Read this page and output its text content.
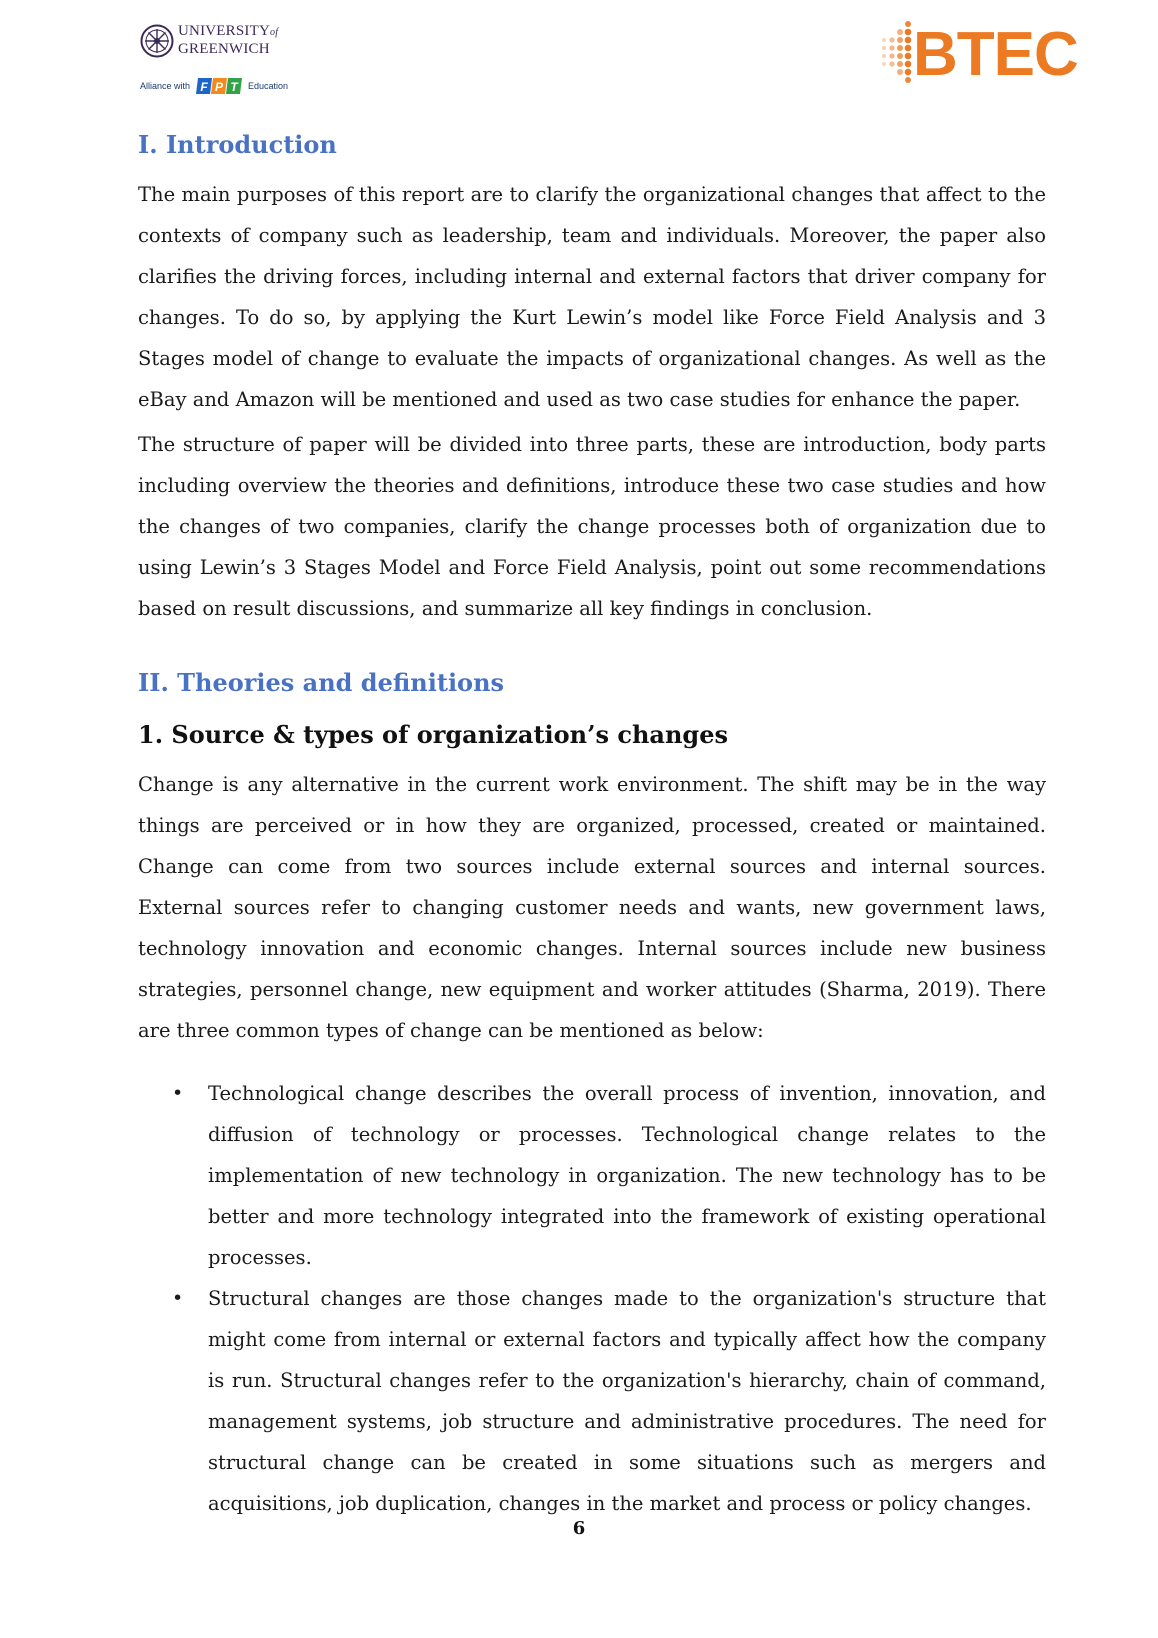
UNIVERSITYof
GREENWICH
Alliance with F P T Education	BTEC
I. Introduction

The main purposes of this report are to clarify the organizational changes that affect to the contexts of company such as leadership, team and individuals. Moreover, the paper also clarifies the driving forces, including internal and external factors that driver company for changes. To do so, by applying the Kurt Lewin’s model like Force Field Analysis and 3 Stages model of change to evaluate the impacts of organizational changes. As well as the eBay and Amazon will be mentioned and used as two case studies for enhance the paper.

The structure of paper will be divided into three parts, these are introduction, body parts including overview the theories and definitions, introduce these two case studies and how the changes of two companies, clarify the change processes both of organization due to using Lewin’s 3 Stages Model and Force Field Analysis, point out some recommendations based on result discussions, and summarize all key findings in conclusion.

II. Theories and definitions
1. Source & types of organization’s changes

Change is any alternative in the current work environment. The shift may be in the way things are perceived or in how they are organized, processed, created or maintained. Change can come from two sources include external sources and internal sources. External sources refer to changing customer needs and wants, new government laws, technology innovation and economic changes. Internal sources include new business strategies, personnel change, new equipment and worker attitudes (Sharma, 2019). There are three common types of change can be mentioned as below:

• Technological change describes the overall process of invention, innovation, and diffusion of technology or processes. Technological change relates to the implementation of new technology in organization. The new technology has to be better and more technology integrated into the framework of existing operational processes.
• Structural changes are those changes made to the organization's structure that might come from internal or external factors and typically affect how the company is run. Structural changes refer to the organization's hierarchy, chain of command, management systems, job structure and administrative procedures. The need for structural change can be created in some situations such as mergers and acquisitions, job duplication, changes in the market and process or policy changes.
6
